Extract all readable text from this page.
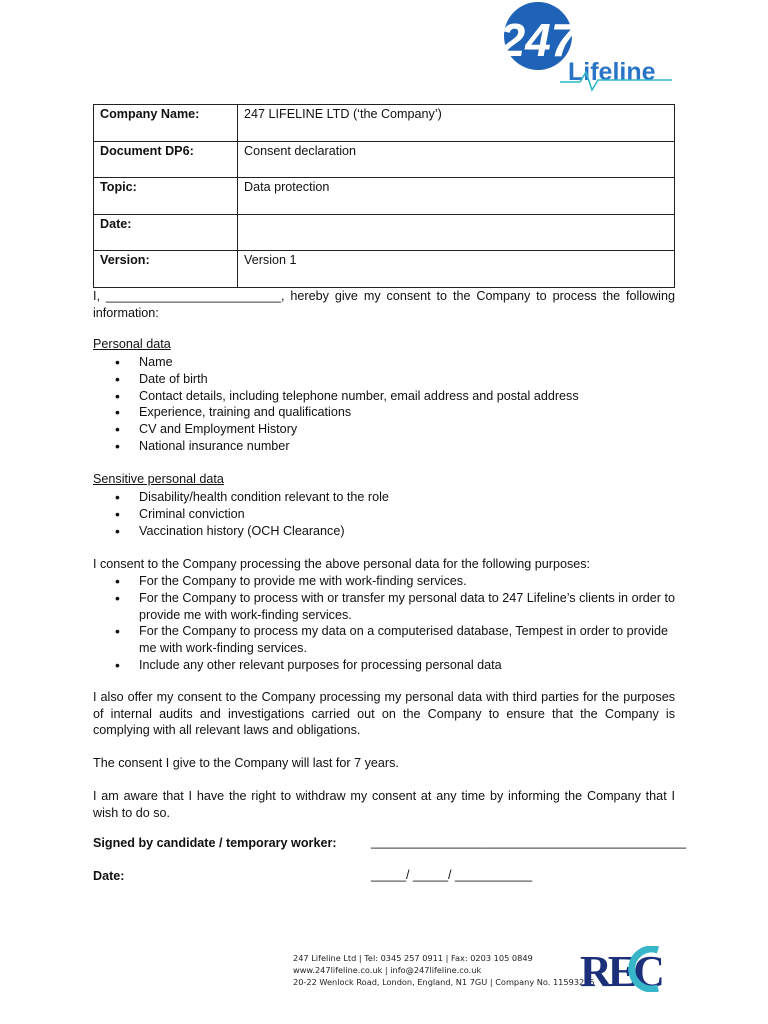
247
Lifeline
Company Name:	247 LIFELINE LTD (‘the Company’)
Document DP6:	Consent declaration
Topic:	Data protection
Date:	
Version:	Version 1
I, _________________________, hereby give my consent to the Company to process the following information:
Personal data
• Name
• Date of birth
• Contact details, including telephone number, email address and postal address
• Experience, training and qualifications
• CV and Employment History
• National insurance number
Sensitive personal data
• Disability/health condition relevant to the role
• Criminal conviction
• Vaccination history (OCH Clearance)
I consent to the Company processing the above personal data for the following purposes:
• For the Company to provide me with work-finding services.
• For the Company to process with or transfer my personal data to 247 Lifeline’s clients in order to provide me with work-finding services.
• For the Company to process my data on a computerised database, Tempest in order to provide me with work-finding services.
• Include any other relevant purposes for processing personal data
I also offer my consent to the Company processing my personal data with third parties for the purposes of internal audits and investigations carried out on the Company to ensure that the Company is complying with all relevant laws and obligations.
The consent I give to the Company will last for 7 years.
I am aware that I have the right to withdraw my consent at any time by informing the Company that I wish to do so.
Signed by candidate / temporary worker:	_____________________________________________
Date:	_____/ _____/ ___________
247 Lifeline Ltd | Tel: 0345 257 0911 | Fax: 0203 105 0849
www.247lifeline.co.uk | info@247lifeline.co.uk
20-22 Wenlock Road, London, England, N1 7GU | Company No. 11593285
REC
